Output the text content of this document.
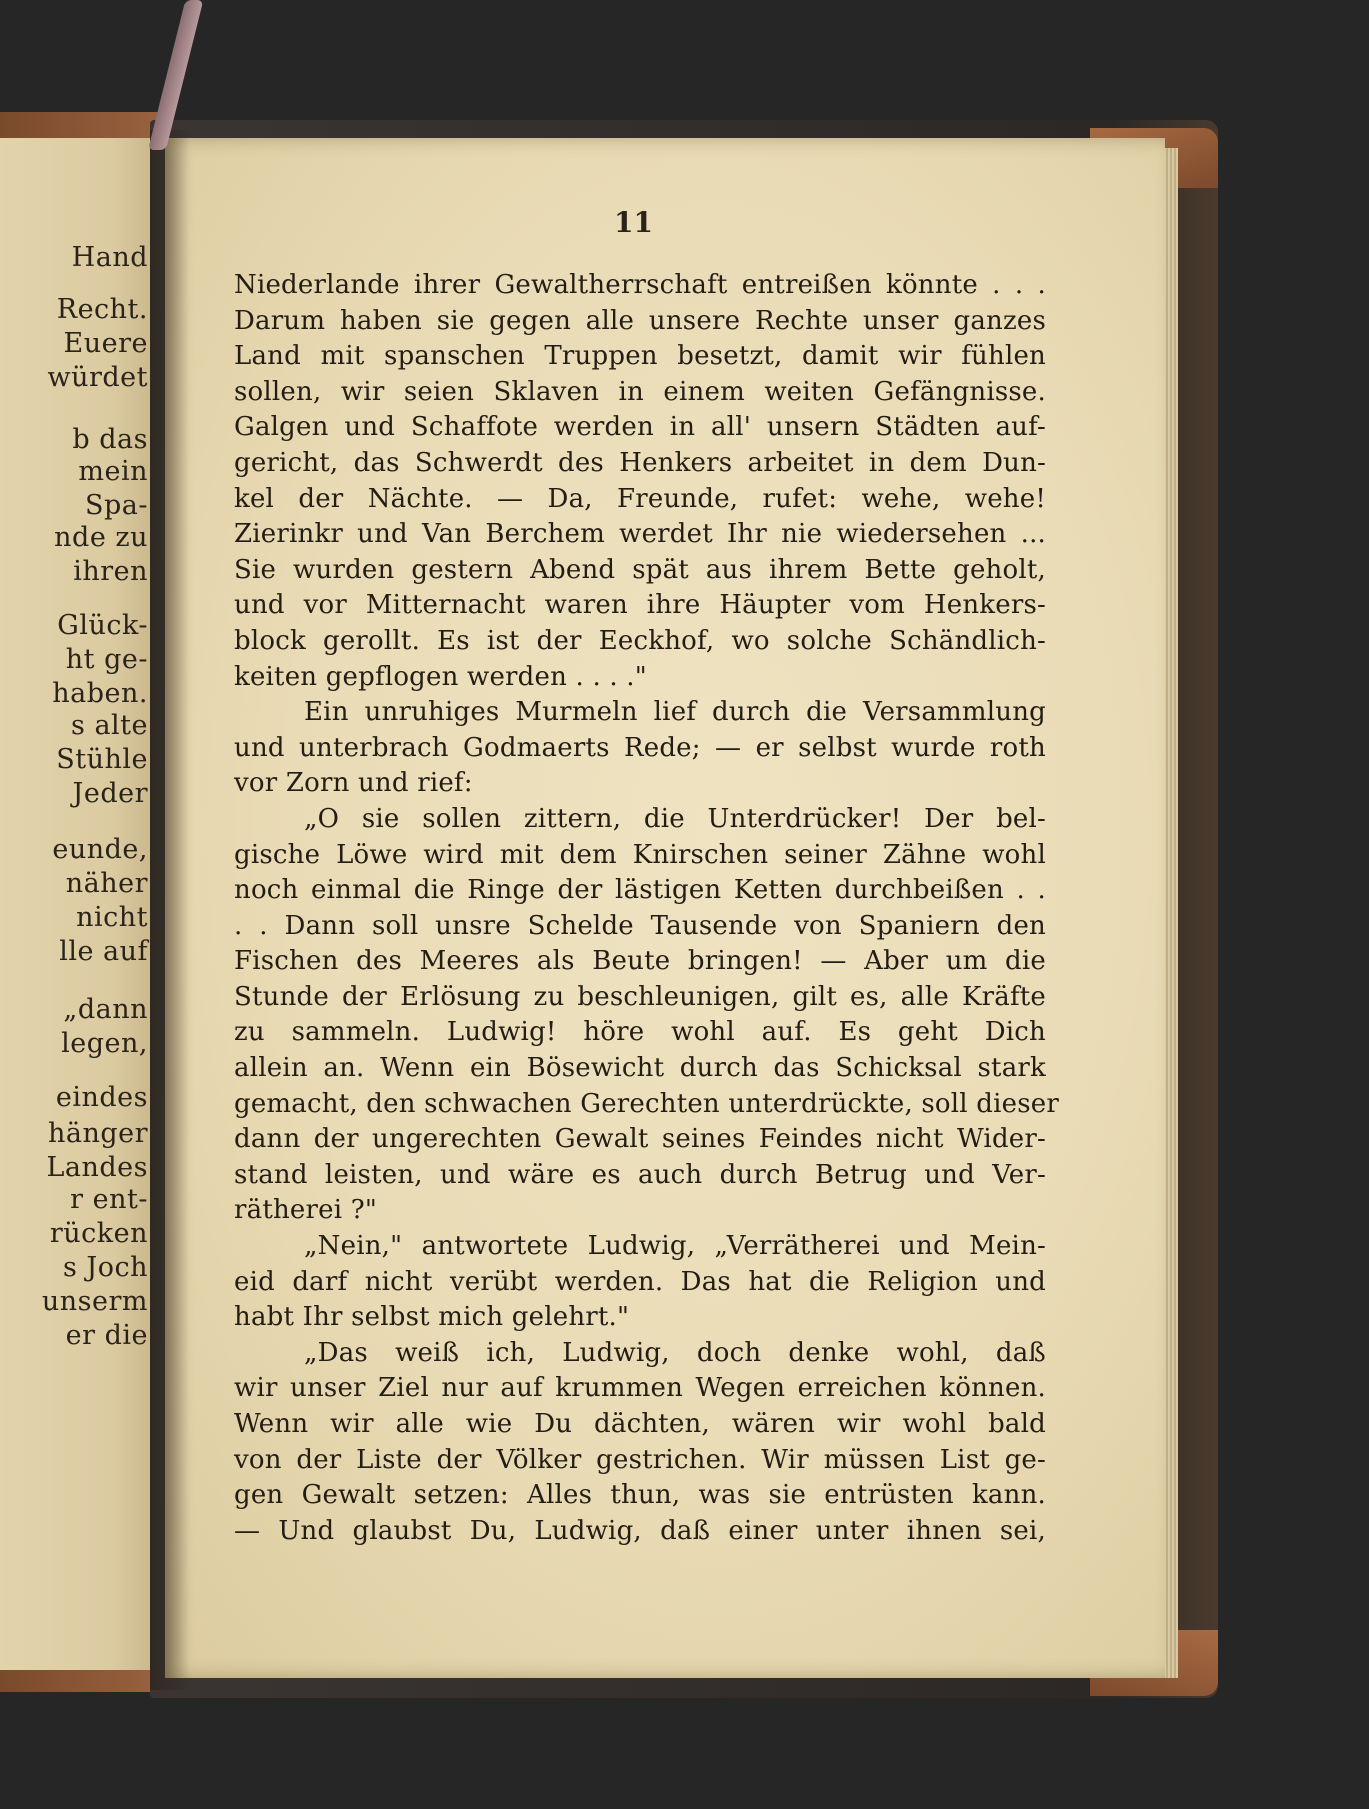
Hand
Recht.
Euere
würdet
b das
mein
Spa-
nde zu
ihren
Glück-
ht ge-
haben.
s alte
Stühle
Jeder
eunde,
näher
nicht
lle auf
„dann
legen,
eindes
hänger
Landes
r ent-
rücken
s Joch
unserm
er die
11
Niederlande ihrer Gewaltherrschaft entreißen könnte . . .
Darum haben sie gegen alle unsere Rechte unser ganzes
Land mit spanschen Truppen besetzt, damit wir fühlen
sollen, wir seien Sklaven in einem weiten Gefängnisse.
Galgen und Schaffote werden in all' unsern Städten auf-
gericht, das Schwerdt des Henkers arbeitet in dem Dun-
kel der Nächte. — Da, Freunde, rufet: wehe, wehe!
Zierinkr und Van Berchem werdet Ihr nie wiedersehen ...
Sie wurden gestern Abend spät aus ihrem Bette geholt,
und vor Mitternacht waren ihre Häupter vom Henkers-
block gerollt. Es ist der Eeckhof, wo solche Schändlich-
keiten gepflogen werden . . . ."
Ein unruhiges Murmeln lief durch die Versammlung
und unterbrach Godmaerts Rede; — er selbst wurde roth
vor Zorn und rief:
„O sie sollen zittern, die Unterdrücker! Der bel-
gische Löwe wird mit dem Knirschen seiner Zähne wohl
noch einmal die Ringe der lästigen Ketten durchbeißen . .
. . Dann soll unsre Schelde Tausende von Spaniern den
Fischen des Meeres als Beute bringen! — Aber um die
Stunde der Erlösung zu beschleunigen, gilt es, alle Kräfte
zu sammeln. Ludwig! höre wohl auf. Es geht Dich
allein an. Wenn ein Bösewicht durch das Schicksal stark
gemacht, den schwachen Gerechten unterdrückte, soll dieser
dann der ungerechten Gewalt seines Feindes nicht Wider-
stand leisten, und wäre es auch durch Betrug und Ver-
rätherei ?"
„Nein," antwortete Ludwig, „Verrätherei und Mein-
eid darf nicht verübt werden. Das hat die Religion und
habt Ihr selbst mich gelehrt."
„Das weiß ich, Ludwig, doch denke wohl, daß
wir unser Ziel nur auf krummen Wegen erreichen können.
Wenn wir alle wie Du dächten, wären wir wohl bald
von der Liste der Völker gestrichen. Wir müssen List ge-
gen Gewalt setzen: Alles thun, was sie entrüsten kann.
— Und glaubst Du, Ludwig, daß einer unter ihnen sei,
